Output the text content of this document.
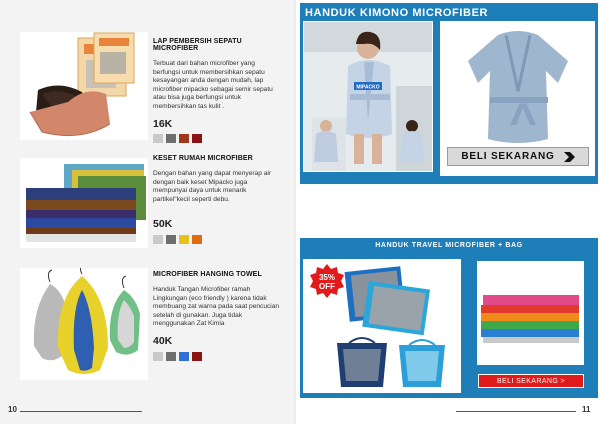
LAP PEMBERSIH SEPATU MICROFIBER
Terbuat dari bahan microfiber yang berfungsi untuk membersihkan sepatu kesayangan anda dengan mudah, lap microfiber mipacko sebagai semir sepatu atau bisa juga berfungsi untuk membersihkan tas kulit .
16K
KESET RUMAH MICROFIBER
Dengan bahan yang dapat menyerap air dengan baik keset Mipacko juga mempunyai daya untuk menarik partikel"kecil seperti debu.
50K
MICROFIBER HANGING TOWEL
Handuk Tangan Microfiber ramah Lingkungan (eco friendly ) karena tidak membuang zat warna pada saat pencucian setelah di gunakan. Juga tidak menggunakan Zat Kimia
40K
10	11
HANDUK KIMONO MICROFIBER
MIPACKO
BELI SEKARANG
HANDUK TRAVEL MICROFIBER + BAG
35%
OFF
BELI SEKARANG >
